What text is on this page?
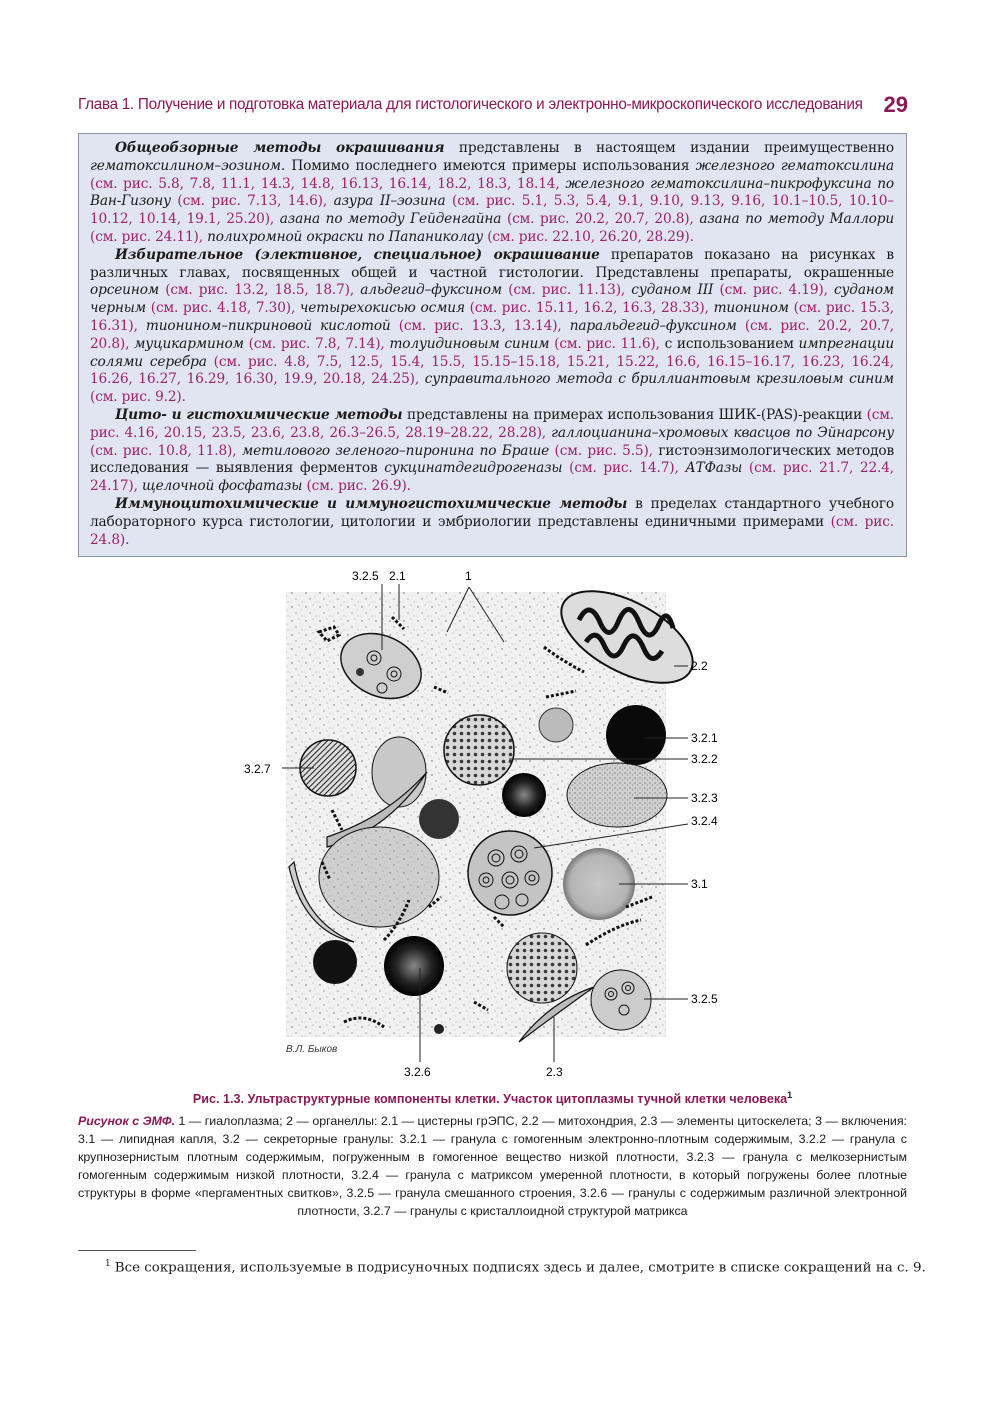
Глава 1. Получение и подготовка материала для гистологического и электронно-микроскопического исследования 29

Общеобзорные методы окрашивания представлены в настоящем издании преимущественно гематоксилином–эозином. Помимо последнего имеются примеры использования железного гематоксилина (см. рис. 5.8, 7.8, 11.1, 14.3, 14.8, 16.13, 16.14, 18.2, 18.3, 18.14, железного гематоксилина–пикрофуксина по Ван-Гизону (см. рис. 7.13, 14.6), азура II–эозина (см. рис. 5.1, 5.3, 5.4, 9.1, 9.10, 9.13, 9.16, 10.1–10.5, 10.10–10.12, 10.14, 19.1, 25.20), азана по методу Гейденгайна (см. рис. 20.2, 20.7, 20.8), азана по методу Маллори (см. рис. 24.11), полихромной окраски по Папаниколау (см. рис. 22.10, 26.20, 28.29).

Избирательное (элективное, специальное) окрашивание препаратов показано на рисунках в различных главах, посвященных общей и частной гистологии. Представлены препараты, окрашенные орсеином (см. рис. 13.2, 18.5, 18.7), альдегид–фуксином (см. рис. 11.13), суданом III (см. рис. 4.19), суданом черным (см. рис. 4.18, 7.30), четырехокисью осмия (см. рис. 15.11, 16.2, 16.3, 28.33), тионином (см. рис. 15.3, 16.31), тионином–пикриновой кислотой (см. рис. 13.3, 13.14), паральдегид–фуксином (см. рис. 20.2, 20.7, 20.8), муцикармином (см. рис. 7.8, 7.14), толуидиновым синим (см. рис. 11.6), с использованием импрегнации солями серебра (см. рис. 4.8, 7.5, 12.5, 15.4, 15.5, 15.15–15.18, 15.21, 15.22, 16.6, 16.15–16.17, 16.23, 16.24, 16.26, 16.27, 16.29, 16.30, 19.9, 20.18, 24.25), суправитального метода с бриллиантовым крезиловым синим (см. рис. 9.2).

Цито- и гистохимические методы представлены на примерах использования ШИК-(PAS)-реакции (см. рис. 4.16, 20.15, 23.5, 23.6, 23.8, 26.3–26.5, 28.19–28.22, 28.28), галлоцианина–хромовых квасцов по Эйнарсону (см. рис. 10.8, 11.8), метилового зеленого–пиронина по Браше (см. рис. 5.5), гистоэнзимологических методов исследования — выявления ферментов сукцинатдегидрогеназы (см. рис. 14.7), АТФазы (см. рис. 21.7, 22.4, 24.17), щелочной фосфатазы (см. рис. 26.9).

Иммуноцитохимические и иммуногистохимические методы в пределах стандартного учебного лабораторного курса гистологии, цитологии и эмбриологии представлены единичными примерами (см. рис. 24.8).

3.2.5 2.1	1
2.2
3.2.1
3.2.2
3.2.7
3.2.3
3.2.4
3.1
3.2.5
3.2.6	2.3
В.Л. Быков
Рис. 1.3. Ультраструктурные компоненты клетки. Участок цитоплазмы тучной клетки человека$^1$
Рисунок с ЭМФ. 1 — гиалоплазма; 2 — органеллы: 2.1 — цистерны грЭПС, 2.2 — митохондрия, 2.3 — элементы цитоскелета; 3 — включения: 3.1 — липидная капля, 3.2 — секреторные гранулы: 3.2.1 — гранула с гомогенным электронно-плотным содержимым, 3.2.2 — гранула с крупнозернистым плотным содержимым, погруженным в гомогенное вещество низкой плотности, 3.2.3 — гранула с мелкозернистым гомогенным содержимым низкой плотности, 3.2.4 — гранула с матриксом умеренной плотности, в который погружены более плотные структуры в форме «пергаментных свитков», 3.2.5 — гранула смешанного строения, 3.2.6 — гранулы с содержимым различной электронной плотности, 3.2.7 — гранулы с кристаллоидной структурой матрикса
$^1$ Все сокращения, используемые в подрисуночных подписях здесь и далее, смотрите в списке сокращений на с. 9.
